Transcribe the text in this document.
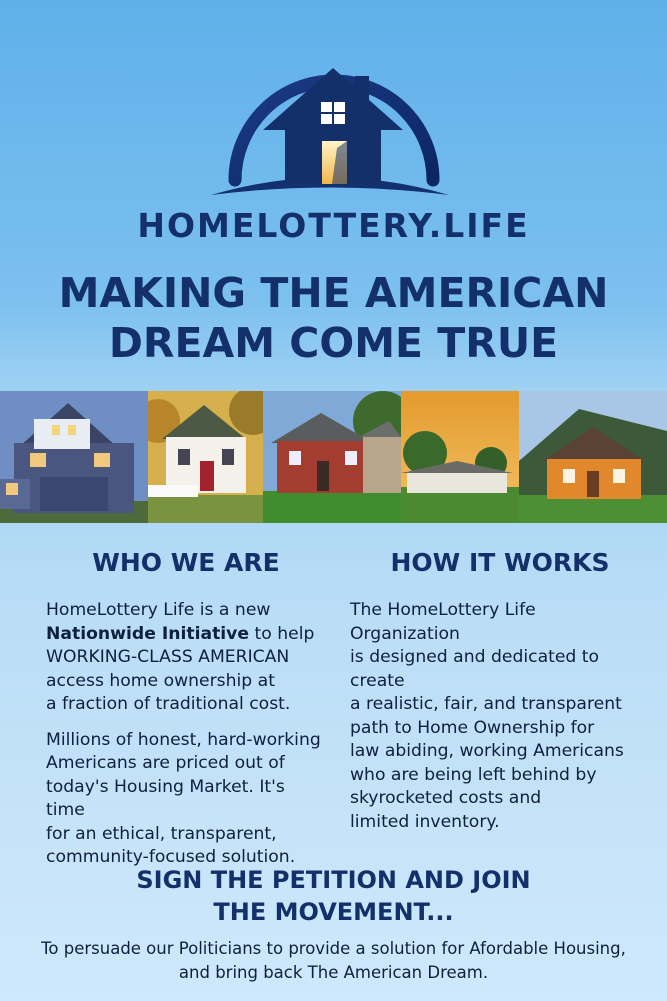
HOMELOTTERY.LIFE
MAKING THE AMERICAN
DREAM COME TRUE
WHO WE ARE

HomeLottery Life is a new
Nationwide Initiative to help
WORKING-CLASS AMERICAN
access home ownership at
a fraction of traditional cost.

Millions of honest, hard-working
Americans are priced out of
today's Housing Market. It's time
for an ethical, transparent,
community-focused solution.

HOW IT WORKS

The HomeLottery Life Organization
is designed and dedicated to create
a realistic, fair, and transparent
path to Home Ownership for
law abiding, working Americans
who are being left behind by
skyrocketed costs and
limited inventory.

SIGN THE PETITION AND JOIN
THE MOVEMENT...
To persuade our Politicians to provide a solution for Afordable Housing,
and bring back The American Dream.
